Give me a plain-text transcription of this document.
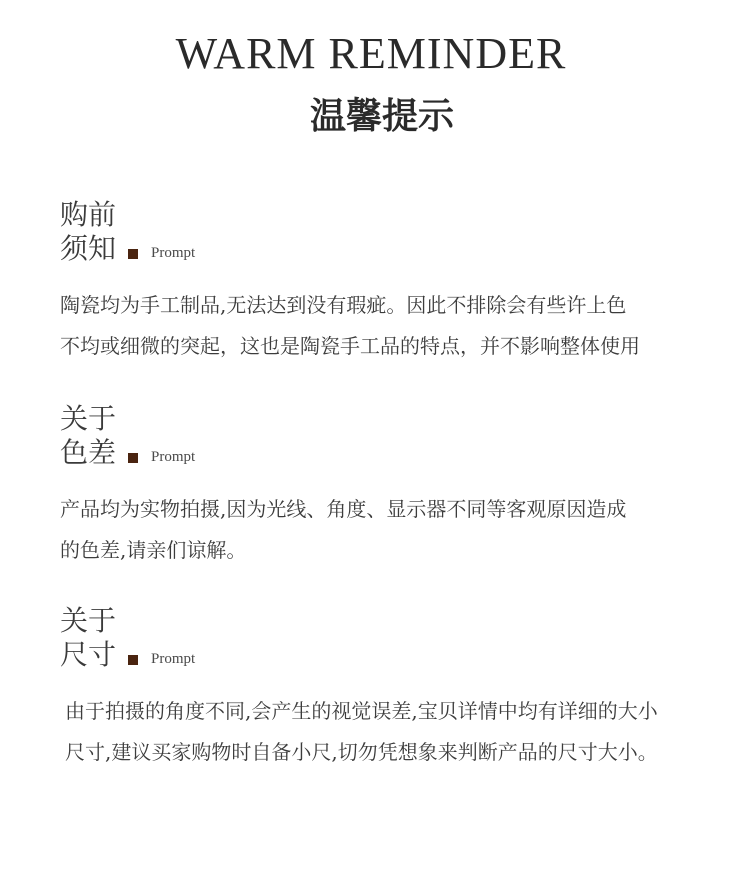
WARM REMINDER
温馨提示
购前
须知 Prompt
陶瓷均为手工制品,无法达到没有瑕疵。因此不排除会有些许上色
不均或细微的突起，这也是陶瓷手工品的特点，并不影响整体使用
关于
色差 Prompt
产品均为实物拍摄,因为光线、角度、显示器不同等客观原因造成
的色差,请亲们谅解。
关于
尺寸 Prompt
由于拍摄的角度不同,会产生的视觉误差,宝贝详情中均有详细的大小
尺寸,建议买家购物时自备小尺,切勿凭想象来判断产品的尺寸大小。
